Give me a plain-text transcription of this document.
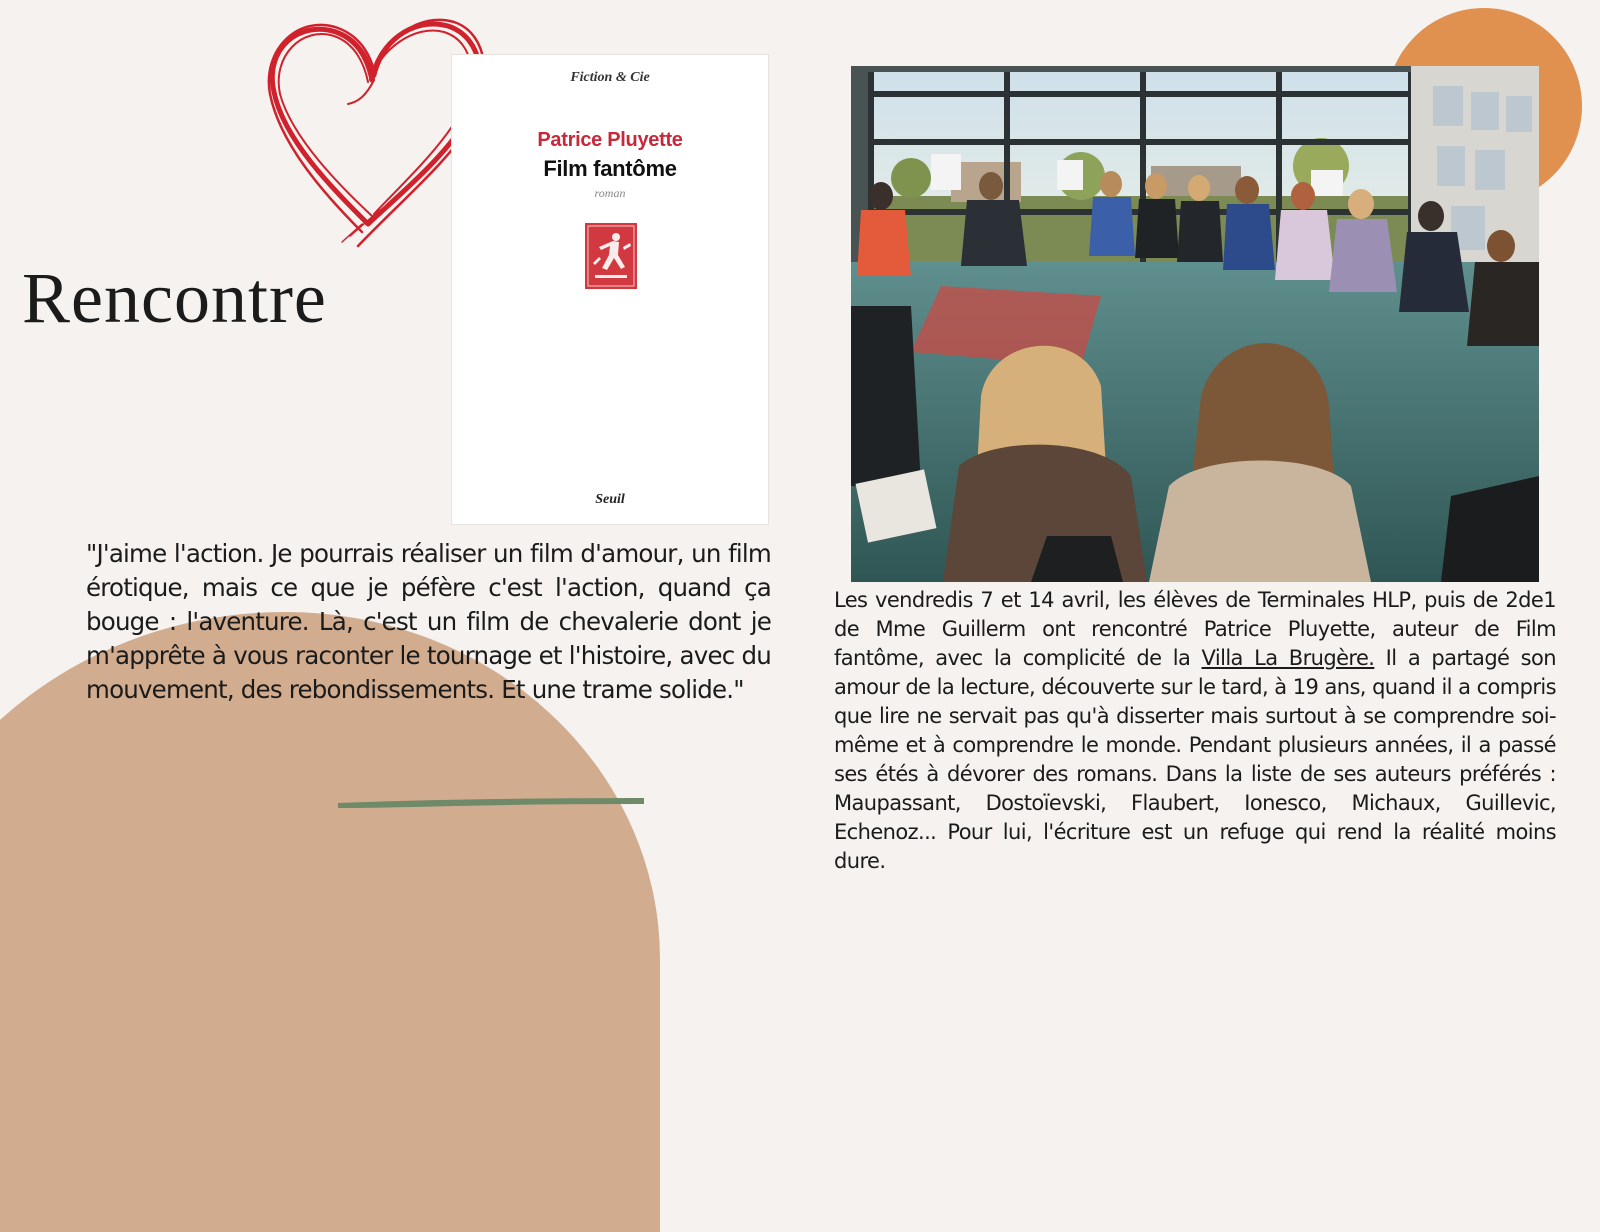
Rencontre
Fiction & Cie
Patrice Pluyette
Film fantôme
roman
Seuil

"J'aime l'action. Je pourrais réaliser un film d'amour, un film érotique, mais ce que je péfère c'est l'action, quand ça bouge : l'aventure. Là, c'est un film de chevalerie dont je m'apprête à vous raconter le tournage et l'histoire, avec du mouvement, des rebondissements. Et une trame solide."

Les vendredis 7 et 14 avril, les élèves de Terminales HLP, puis de 2de1 de Mme Guillerm ont rencontré Patrice Pluyette, auteur de Film fantôme, avec la complicité de la Villa La Brugère. Il a partagé son amour de la lecture, découverte sur le tard, à 19 ans, quand il a compris que lire ne servait pas qu'à disserter mais surtout à se comprendre soi-même et à comprendre le monde. Pendant plusieurs années, il a passé ses étés à dévorer des romans. Dans la liste de ses auteurs préférés : Maupassant, Dostoïevski, Flaubert, Ionesco, Michaux, Guillevic, Echenoz... Pour lui, l'écriture est un refuge qui rend la réalité moins dure.
